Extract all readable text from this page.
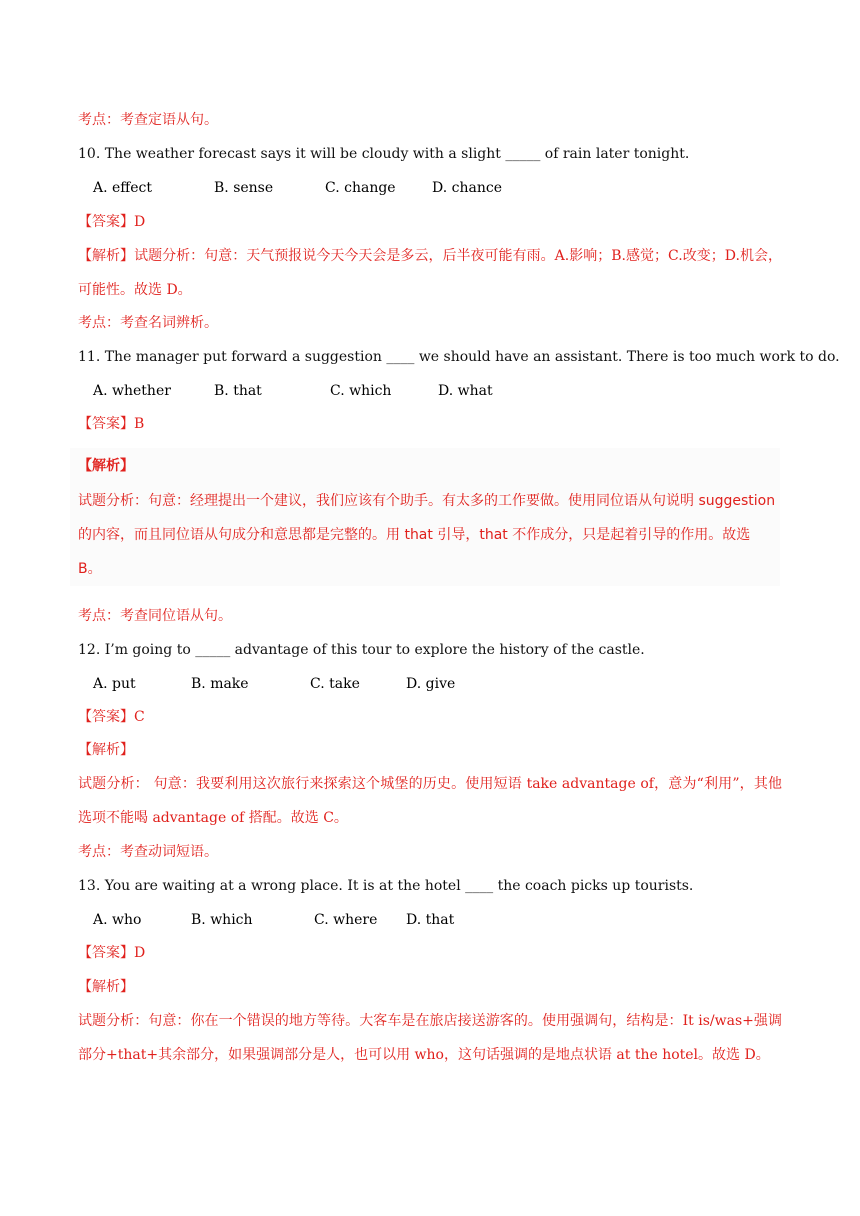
考点：考查定语从句。

10. The weather forecast says it will be cloudy with a slight _____ of rain later tonight.

A. effect	B. sense	C. change	D. chance

【答案】D

【解析】试题分析：句意：天气预报说今天今天会是多云，后半夜可能有雨。A.影响；B.感觉；C.改变；D.机会，可能性。故选 D。

考点：考查名词辨析。

11. The manager put forward a suggestion ____ we should have an assistant. There is too much work to do.

A. whether	B. that	C. which	D. what

【答案】B

【解析】

试题分析：句意：经理提出一个建议，我们应该有个助手。有太多的工作要做。使用同位语从句说明 suggestion 的内容，而且同位语从句成分和意思都是完整的。用 that 引导，that 不作成分，只是起着引导的作用。故选 B。

考点：考查同位语从句。

12. I’m going to _____ advantage of this tour to explore the history of the castle.

A. put	B. make	C. take	D. give

【答案】C

【解析】

试题分析： 句意：我要利用这次旅行来探索这个城堡的历史。使用短语 take advantage of，意为“利用”，其他选项不能喝 advantage of 搭配。故选 C。

考点：考查动词短语。

13. You are waiting at a wrong place. It is at the hotel ____ the coach picks up tourists.

A. who	B. which	C. where D. that

【答案】D

【解析】

试题分析：句意：你在一个错误的地方等待。大客车是在旅店接送游客的。使用强调句，结构是：It is/was+强调部分+that+其余部分，如果强调部分是人，也可以用 who，这句话强调的是地点状语 at the hotel。故选 D。
